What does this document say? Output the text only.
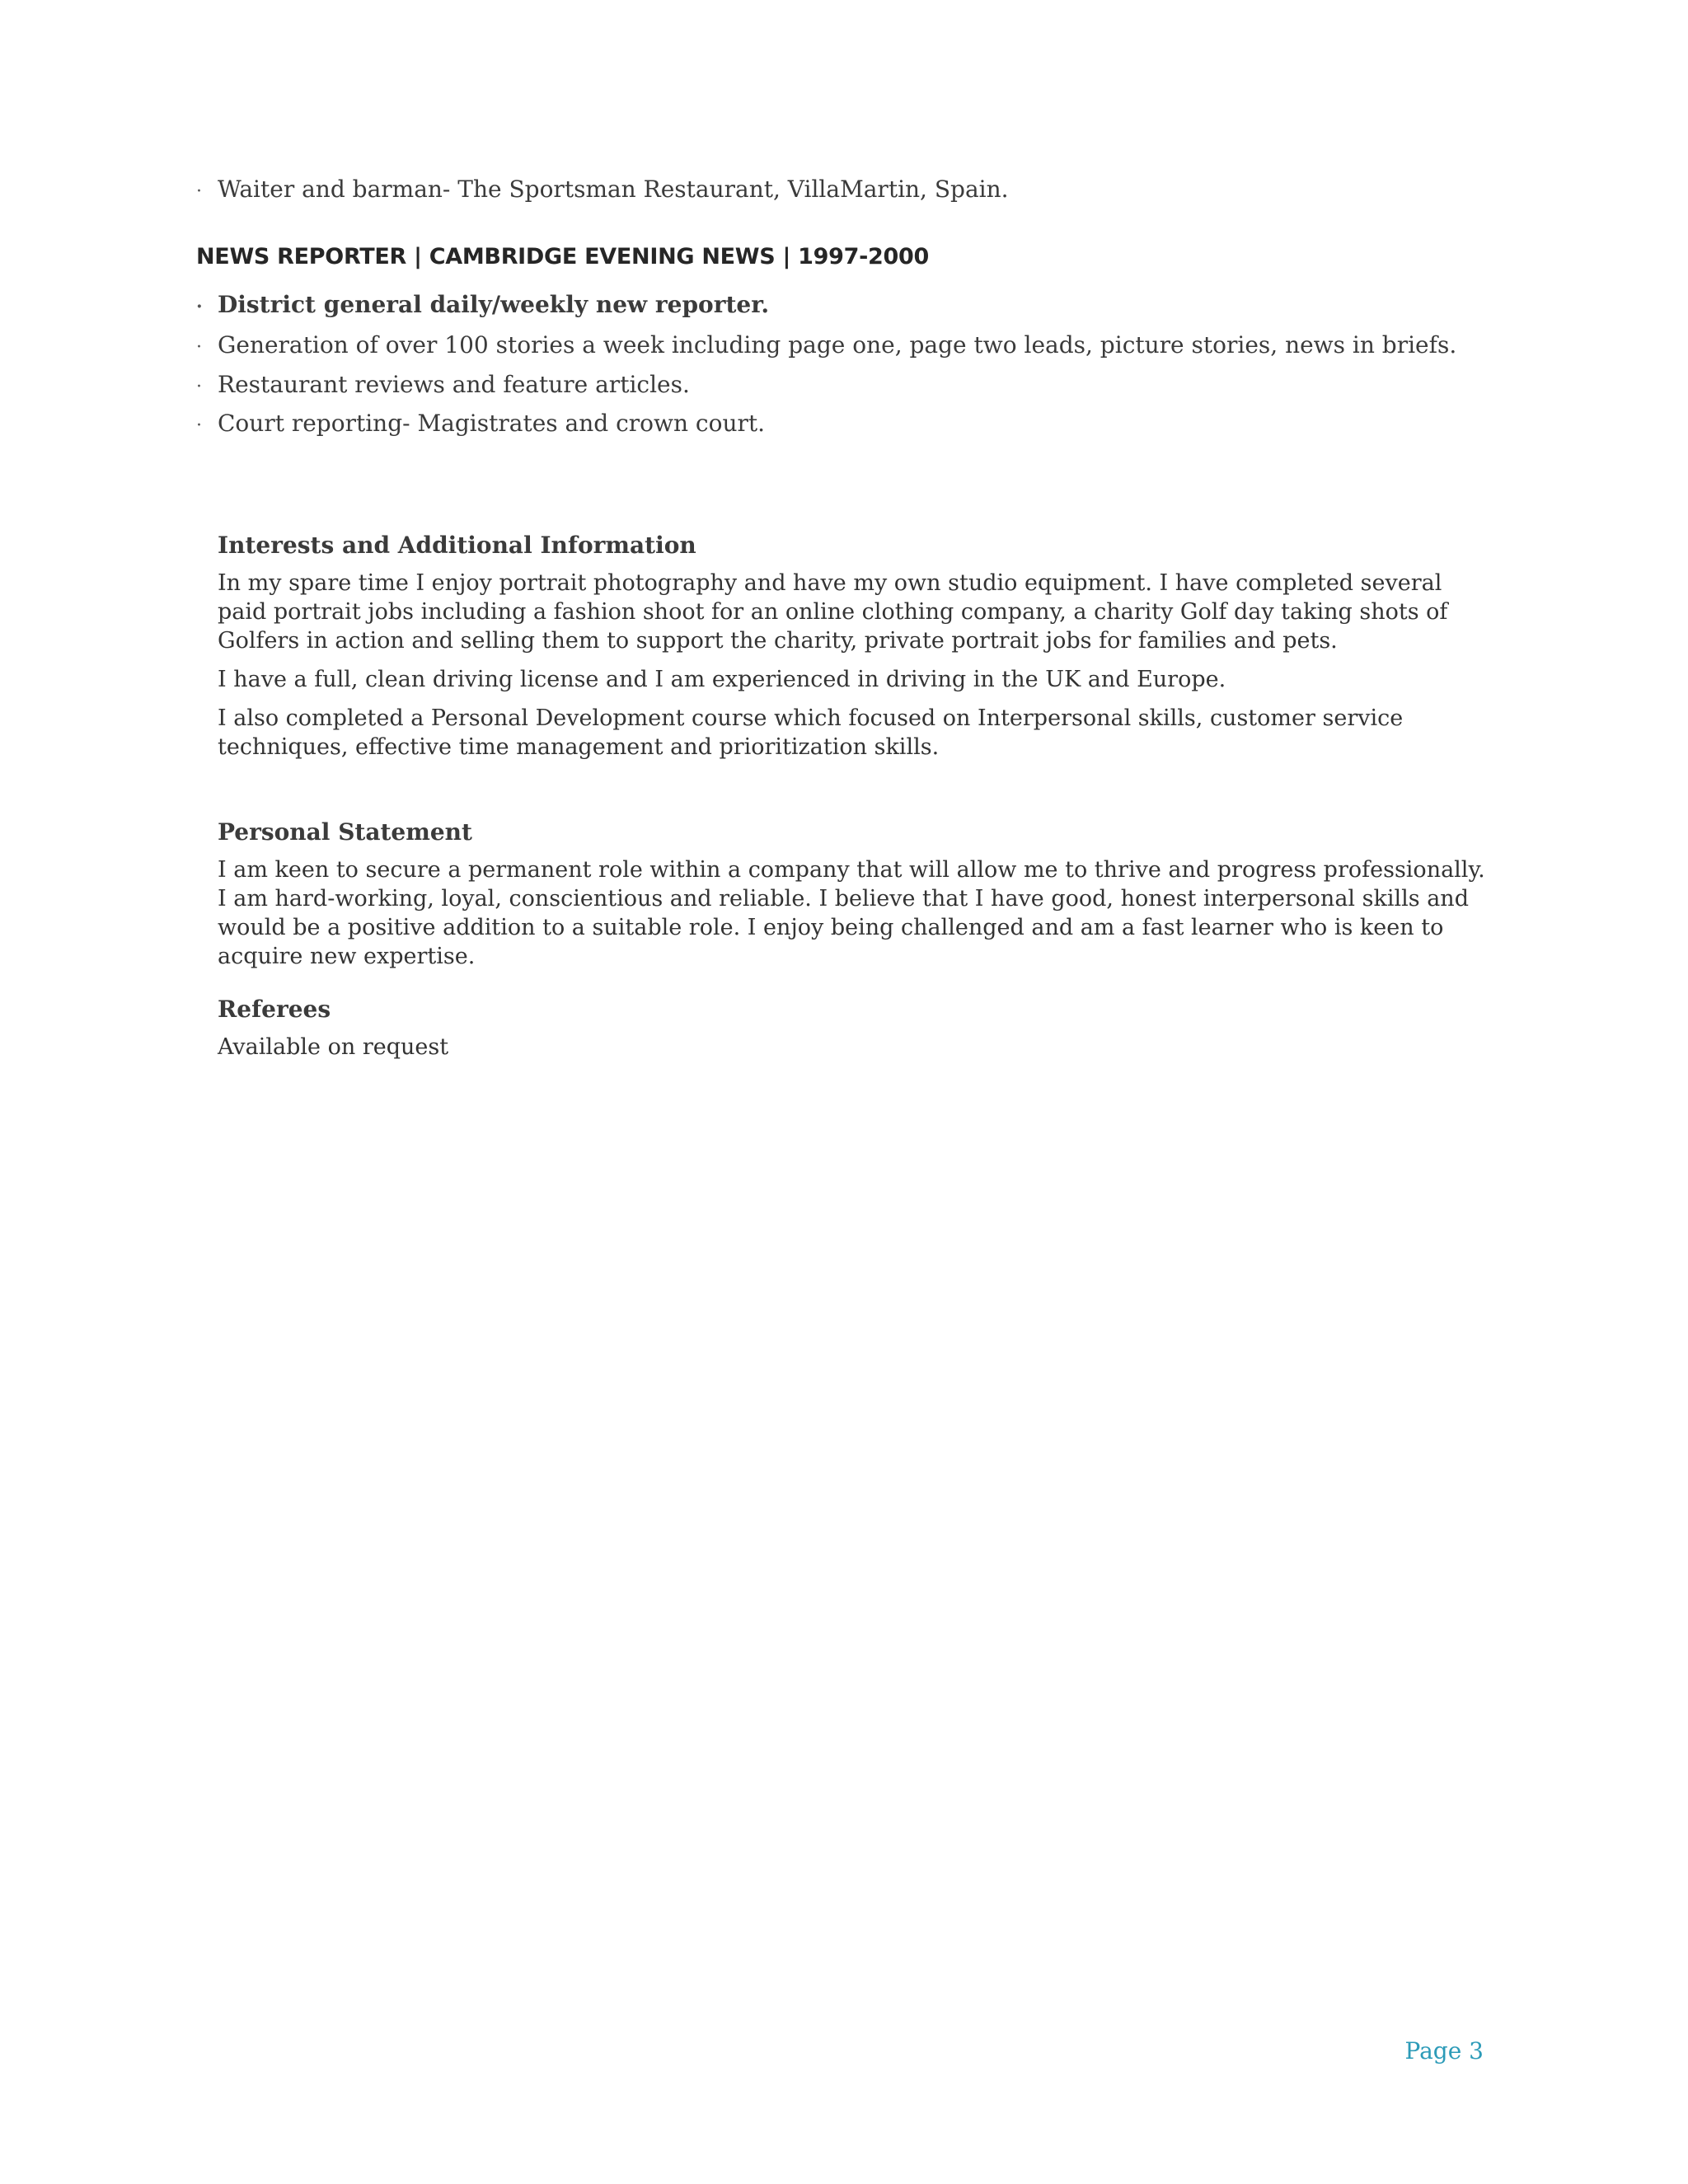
· Waiter and barman- The Sportsman Restaurant, VillaMartin, Spain.
NEWS REPORTER | CAMBRIDGE EVENING NEWS | 1997-2000
· District general daily/weekly new reporter.
· Generation of over 100 stories a week including page one, page two leads, picture stories, news in briefs.
· Restaurant reviews and feature articles.
· Court reporting- Magistrates and crown court.
Interests and Additional Information

In my spare time I enjoy portrait photography and have my own studio equipment. I have completed several paid portrait jobs including a fashion shoot for an online clothing company, a charity Golf day taking shots of Golfers in action and selling them to support the charity, private portrait jobs for families and pets.

I have a full, clean driving license and I am experienced in driving in the UK and Europe.

I also completed a Personal Development course which focused on Interpersonal skills, customer service techniques, effective time management and prioritization skills.

Personal Statement

I am keen to secure a permanent role within a company that will allow me to thrive and progress professionally. I am hard-working, loyal, conscientious and reliable. I believe that I have good, honest interpersonal skills and would be a positive addition to a suitable role. I enjoy being challenged and am a fast learner who is keen to acquire new expertise.

Referees

Available on request

Page 3
